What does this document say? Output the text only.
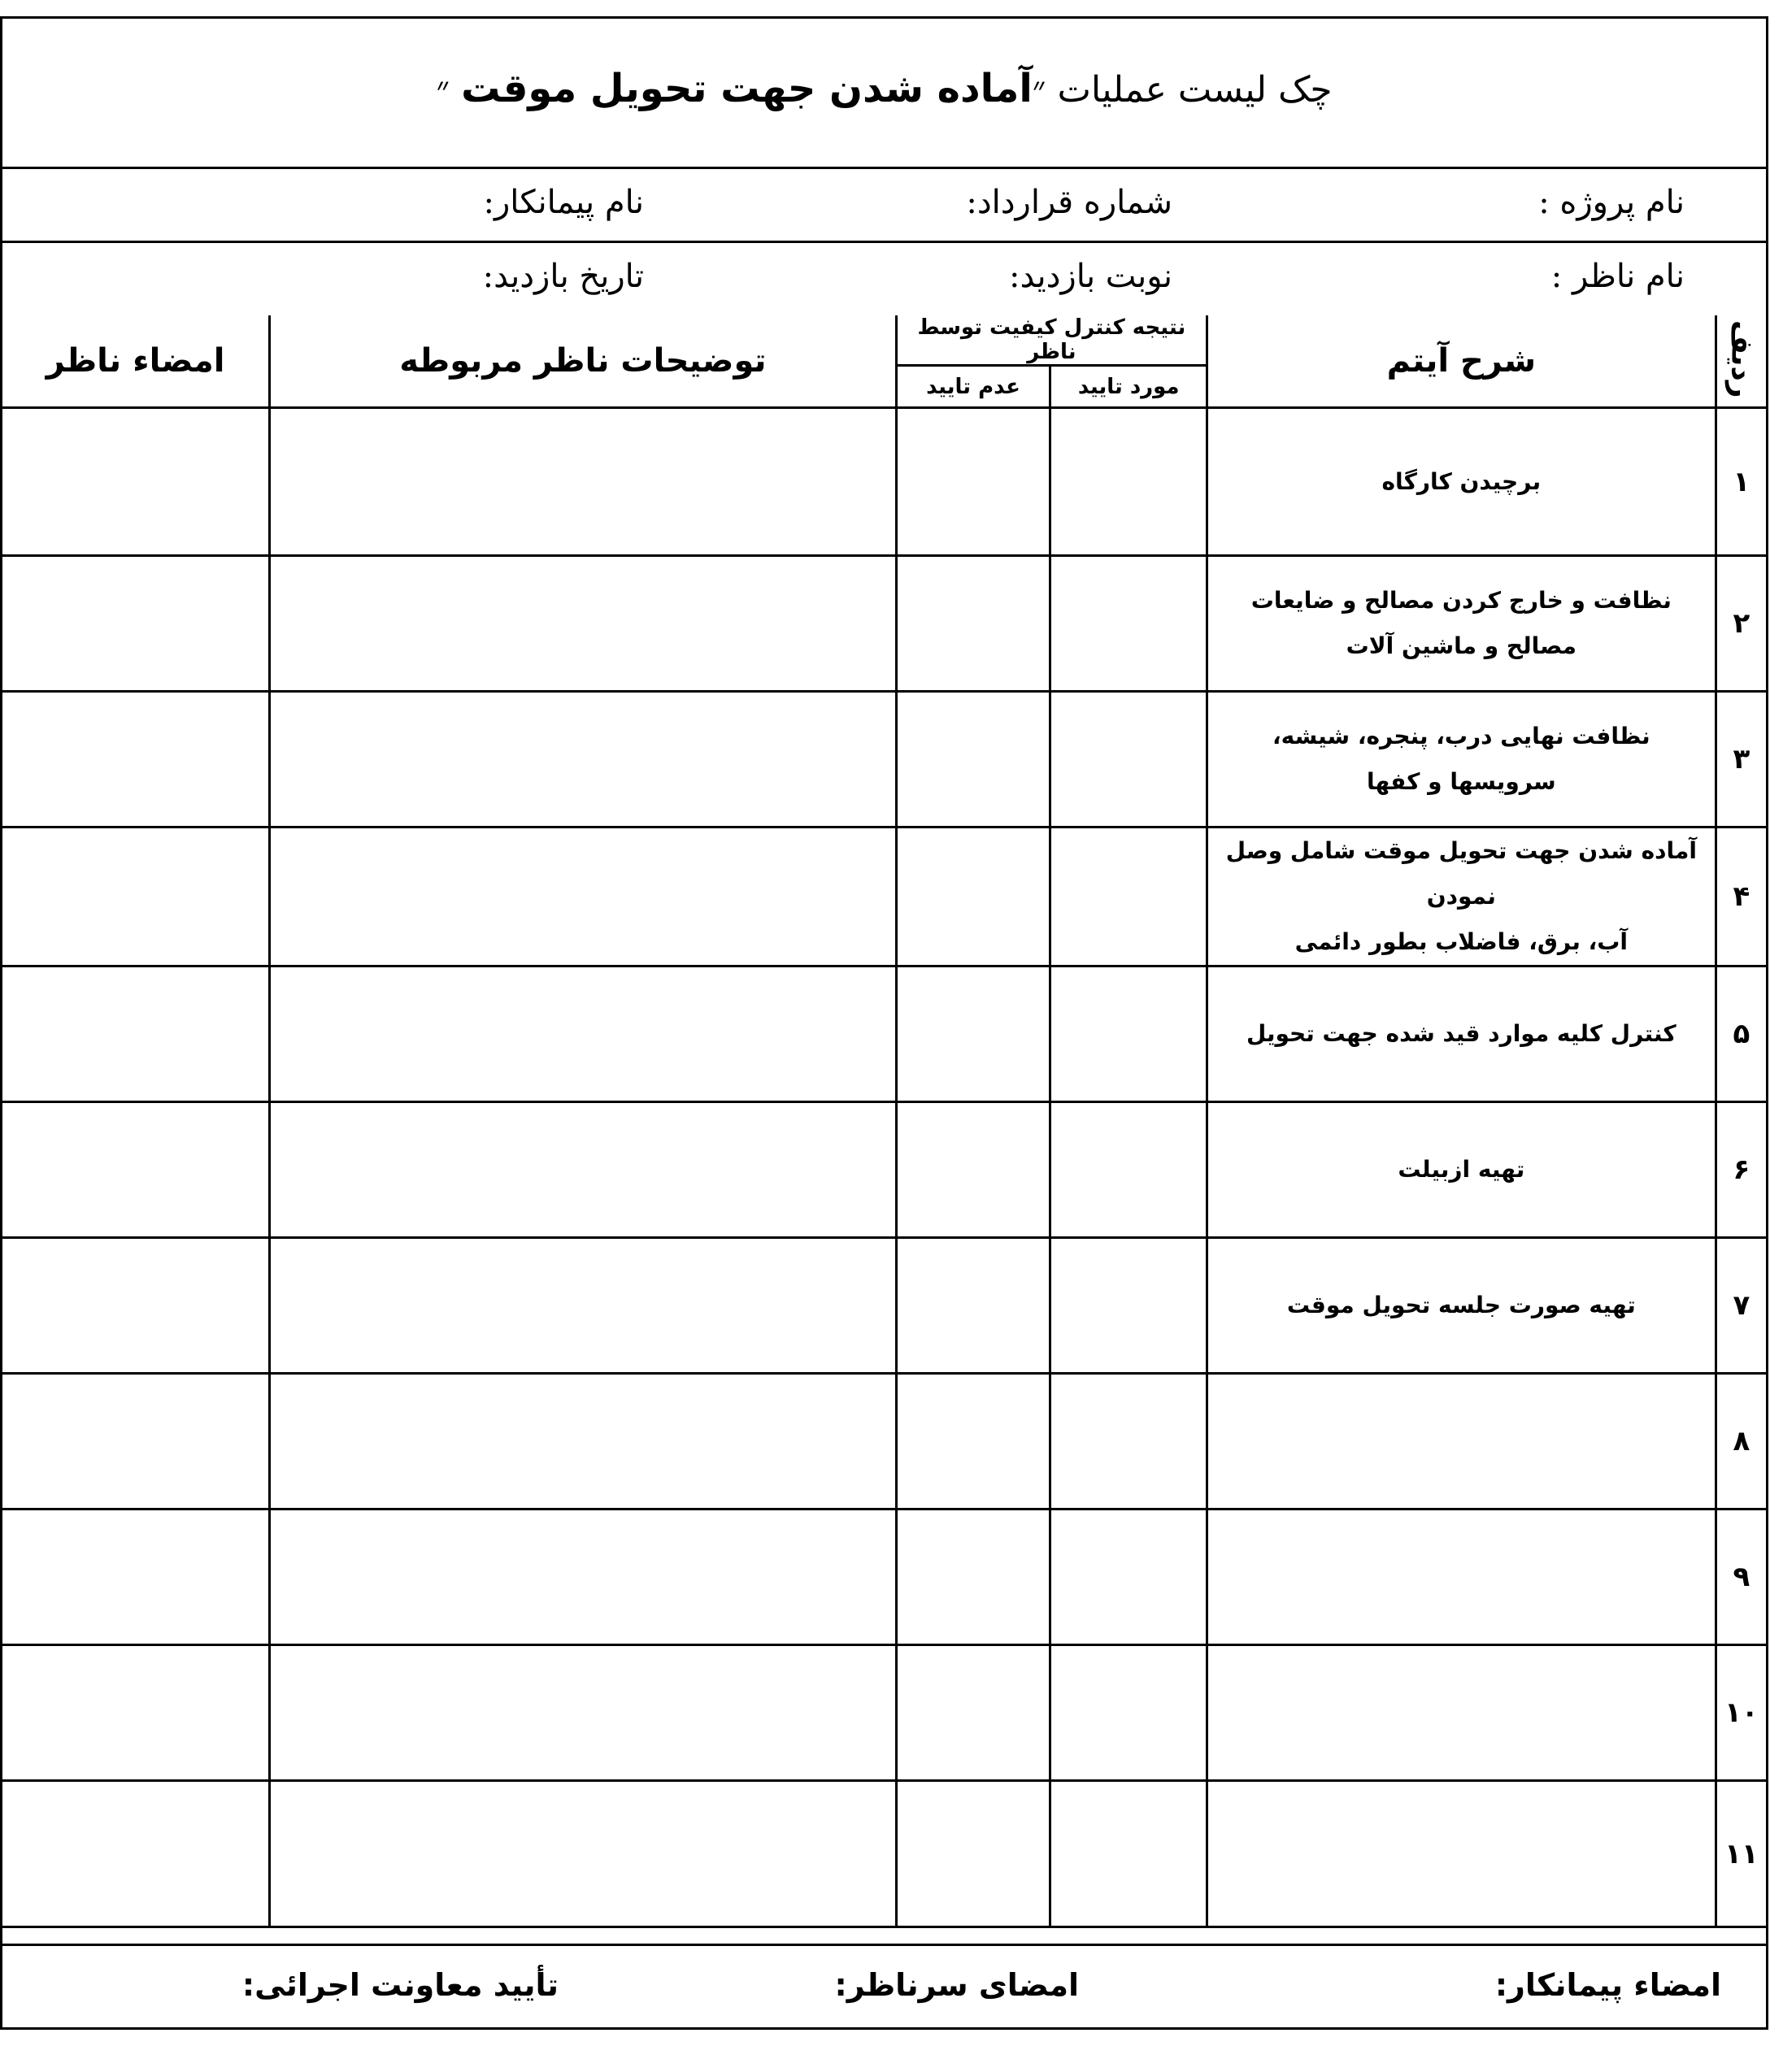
چک لیست عملیات ״آماده شدن جهت تحویل موقت ״
نام پروژه :
شماره قرارداد:
نام پیمانکار:
نام ناظر :
نوبت بازدید:
تاریخ بازدید:
ردیف	شرح آیتم	نتیجه کنترل کیفیت توسط ناظر		توضیحات ناظر مربوطه	امضاء ناظر
		مورد تایید	عدم تایید		
۱	برچیدن کارگاه				

۲	نظافت و خارج کردن مصالح و ضایعات
مصالح و ماشین آلات				

۳	نظافت نهایی درب، پنجره، شیشه،
سرویسها و کفها				

۴	آماده شدن جهت تحویل موقت شامل وصل نمودن
آب، برق، فاضلاب بطور دائمی				

۵	کنترل کلیه موارد قید شده جهت تحویل				

۶	تهیه ازبیلت				

۷	تهیه صورت جلسه تحویل موقت				

۸					
۹					
۱۰					
۱۱					
امضاء پیمانکار:
امضای سرناظر:
تأیید معاونت اجرائی:
